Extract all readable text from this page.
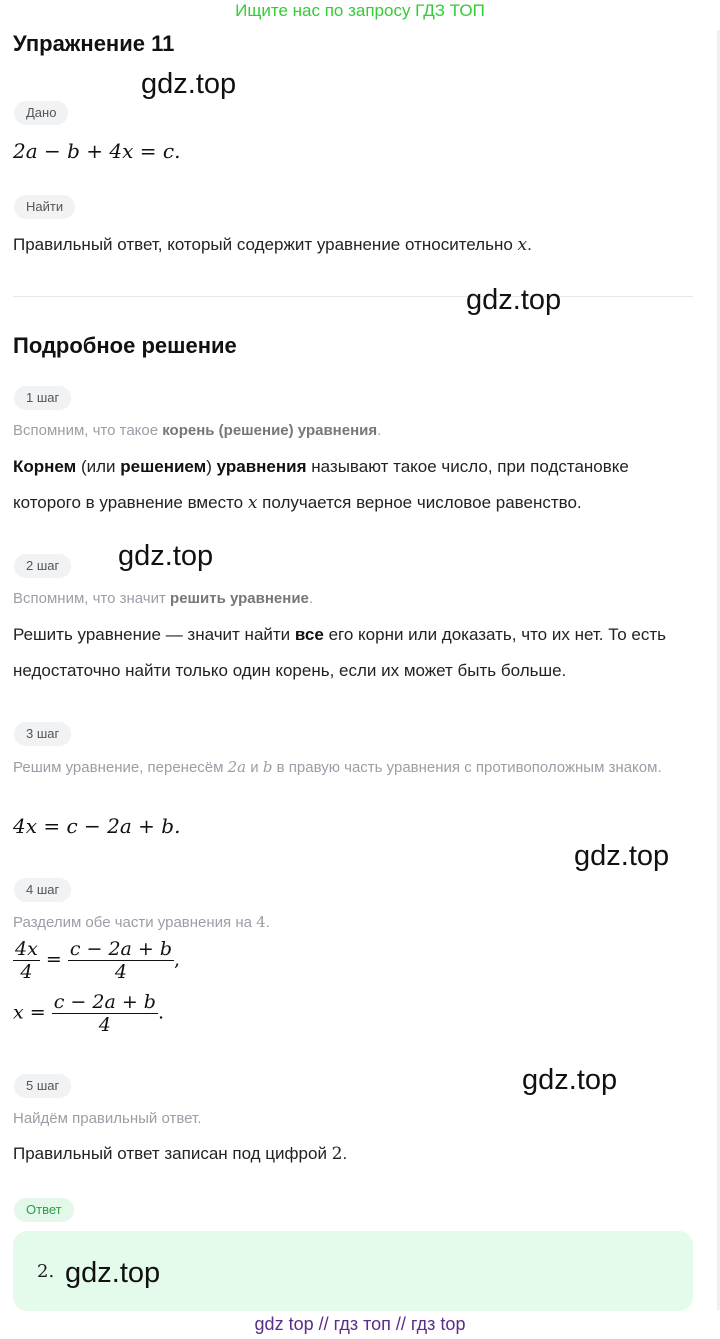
Ищите нас по запросу ГДЗ ТОП
Упражнение 11
gdz.top
Дано
2a − b + 4x = c.
Найти
Правильный ответ, который содержит уравнение относительно x.
gdz.top
Подробное решение
1 шаг
Вспомним, что такое корень (решение) уравнения.
Корнем (или решением) уравнения называют такое число, при подстановке которого в уравнение вместо x получается верное числовое равенство.
2 шаг	gdz.top
Вспомним, что значит решить уравнение.
Решить уравнение — значит найти все его корни или доказать, что их нет. То есть недостаточно найти только один корень, если их может быть больше.
3 шаг
Решим уравнение, перенесём 2a и b в правую часть уравнения с противоположным знаком.
4x = c − 2a + b.
gdz.top
4 шаг
Разделим обе части уравнения на 4.
$\frac{4x}{4} = \frac{c - 2a + b}{4}$ ,
$x = \frac{c - 2a + b}{4}$ .
5 шаг	gdz.top
Найдём правильный ответ.
Правильный ответ записан под цифрой 2.
Ответ
2. gdz.top
gdz top // гдз топ // гдз top
